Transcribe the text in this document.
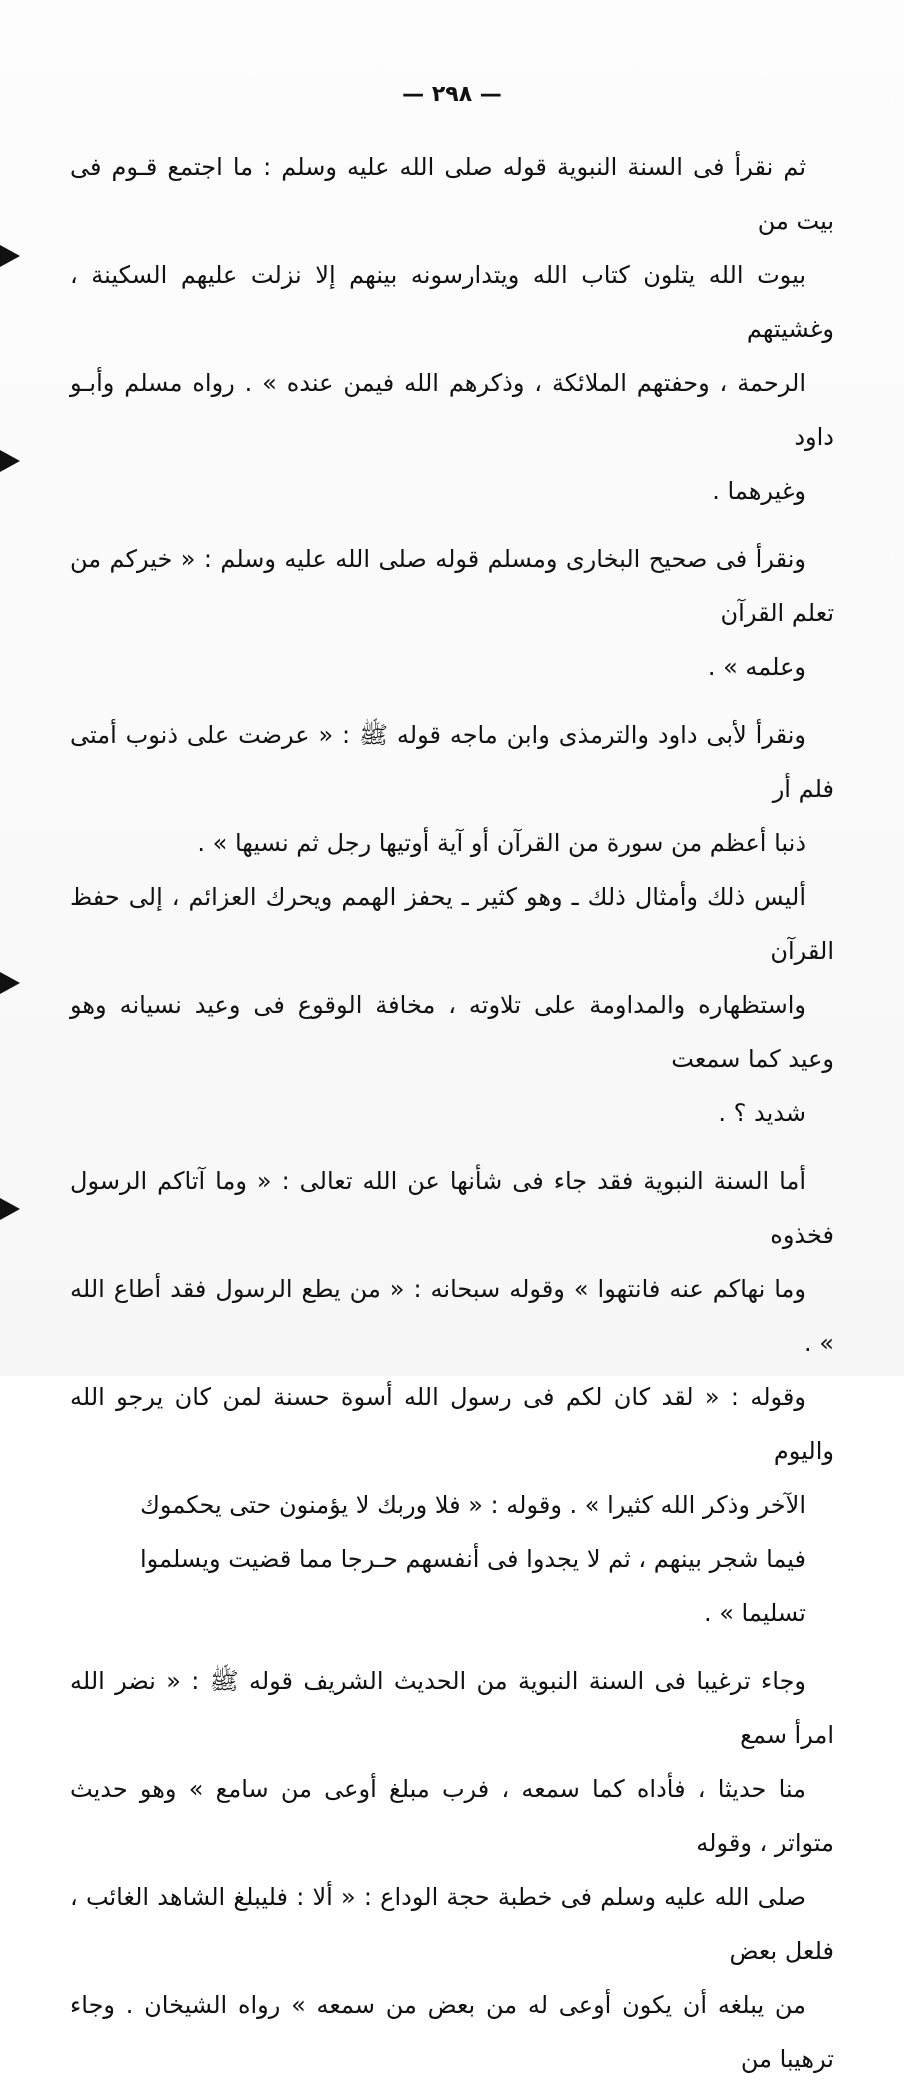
— ٢٩٨ —
ثم نقرأ فى السنة النبوية قوله صلى الله عليه وسلم : ما اجتمع قـوم فى بيت من
بيوت الله يتلون كتاب الله ويتدارسونه بينهم إلا نزلت عليهم السكينة ، وغشيتهم
الرحمة ، وحفتهم الملائكة ، وذكرهم الله فيمن عنده » . رواه مسلم وأبـو داود
وغيرهما .
ونقرأ فى صحيح البخارى ومسلم قوله صلى الله عليه وسلم : « خيركم من تعلم القرآن
وعلمه » .
ونقرأ لأبى داود والترمذى وابن ماجه قوله ﷺ : « عرضت على ذنوب أمتى فلم أر
ذنبا أعظم من سورة من القرآن أو آية أوتيها رجل ثم نسيها » .
أليس ذلك وأمثال ذلك ـ وهو كثير ـ يحفز الهمم ويحرك العزائم ، إلى حفظ القرآن
واستظهاره والمداومة على تلاوته ، مخافة الوقوع فى وعيد نسيانه وهو وعيد كما سمعت
شديد ؟ .
أما السنة النبوية فقد جاء فى شأنها عن الله تعالى : « وما آتاكم الرسول فخذوه
وما نهاكم عنه فانتهوا » وقوله سبحانه : « من يطع الرسول فقد أطاع الله » .
وقوله : « لقد كان لكم فى رسول الله أسوة حسنة لمن كان يرجو الله واليوم
الآخر وذكر الله كثيرا » . وقوله : « فلا وربك لا يؤمنون حتى يحكموك
فيما شجر بينهم ، ثم لا يجدوا فى أنفسهم حـرجا مما قضيت ويسلموا
تسليما » .
وجاء ترغيبا فى السنة النبوية من الحديث الشريف قوله ﷺ : « نضر الله امرأ سمع
منا حديثا ، فأداه كما سمعه ، فرب مبلغ أوعى من سامع » وهو حديث متواتر ، وقوله
صلى الله عليه وسلم فى خطبة حجة الوداع : « ألا : فليبلغ الشاهد الغائب ، فلعل بعض
من يبلغه أن يكون أوعى له من بعض من سمعه » رواه الشيخان . وجاء ترهيبا من
